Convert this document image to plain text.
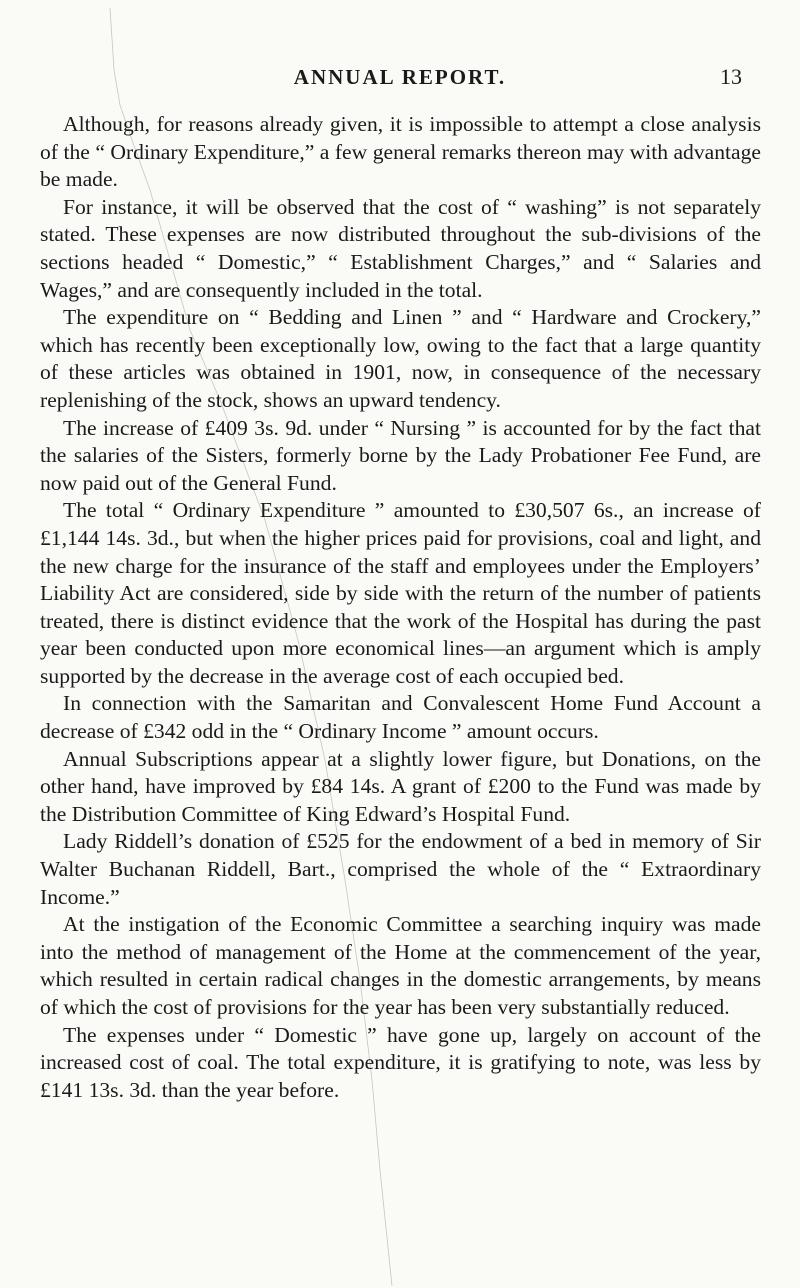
ANNUAL REPORT.	13

Although, for reasons already given, it is impossible to attempt a close analysis of the “ Ordinary Expenditure,” a few general remarks thereon may with advantage be made.

For instance, it will be observed that the cost of “ washing” is not separately stated. These expenses are now distributed throughout the sub-divisions of the sections headed “ Domestic,” “ Establishment Charges,” and “ Salaries and Wages,” and are consequently included in the total.

The expenditure on “ Bedding and Linen ” and “ Hardware and Crockery,” which has recently been exceptionally low, owing to the fact that a large quantity of these articles was obtained in 1901, now, in consequence of the necessary replenishing of the stock, shows an upward tendency.

The increase of £409 3s. 9d. under “ Nursing ” is accounted for by the fact that the salaries of the Sisters, formerly borne by the Lady Probationer Fee Fund, are now paid out of the General Fund.

The total “ Ordinary Expenditure ” amounted to £30,507 6s., an increase of £1,144 14s. 3d., but when the higher prices paid for provisions, coal and light, and the new charge for the insurance of the staff and employees under the Employers’ Liability Act are considered, side by side with the return of the number of patients treated, there is distinct evidence that the work of the Hospital has during the past year been conducted upon more economical lines—an argument which is amply supported by the decrease in the average cost of each occupied bed.

In connection with the Samaritan and Convalescent Home Fund Account a decrease of £342 odd in the “ Ordinary Income ” amount occurs.

Annual Subscriptions appear at a slightly lower figure, but Donations, on the other hand, have improved by £84 14s. A grant of £200 to the Fund was made by the Distribution Committee of King Edward’s Hospital Fund.

Lady Riddell’s donation of £525 for the endowment of a bed in memory of Sir Walter Buchanan Riddell, Bart., comprised the whole of the “ Extraordinary Income.”

At the instigation of the Economic Committee a searching inquiry was made into the method of management of the Home at the commencement of the year, which resulted in certain radical changes in the domestic arrangements, by means of which the cost of provisions for the year has been very substantially reduced.

The expenses under “ Domestic ” have gone up, largely on account of the increased cost of coal. The total expenditure, it is gratifying to note, was less by £141 13s. 3d. than the year before.
